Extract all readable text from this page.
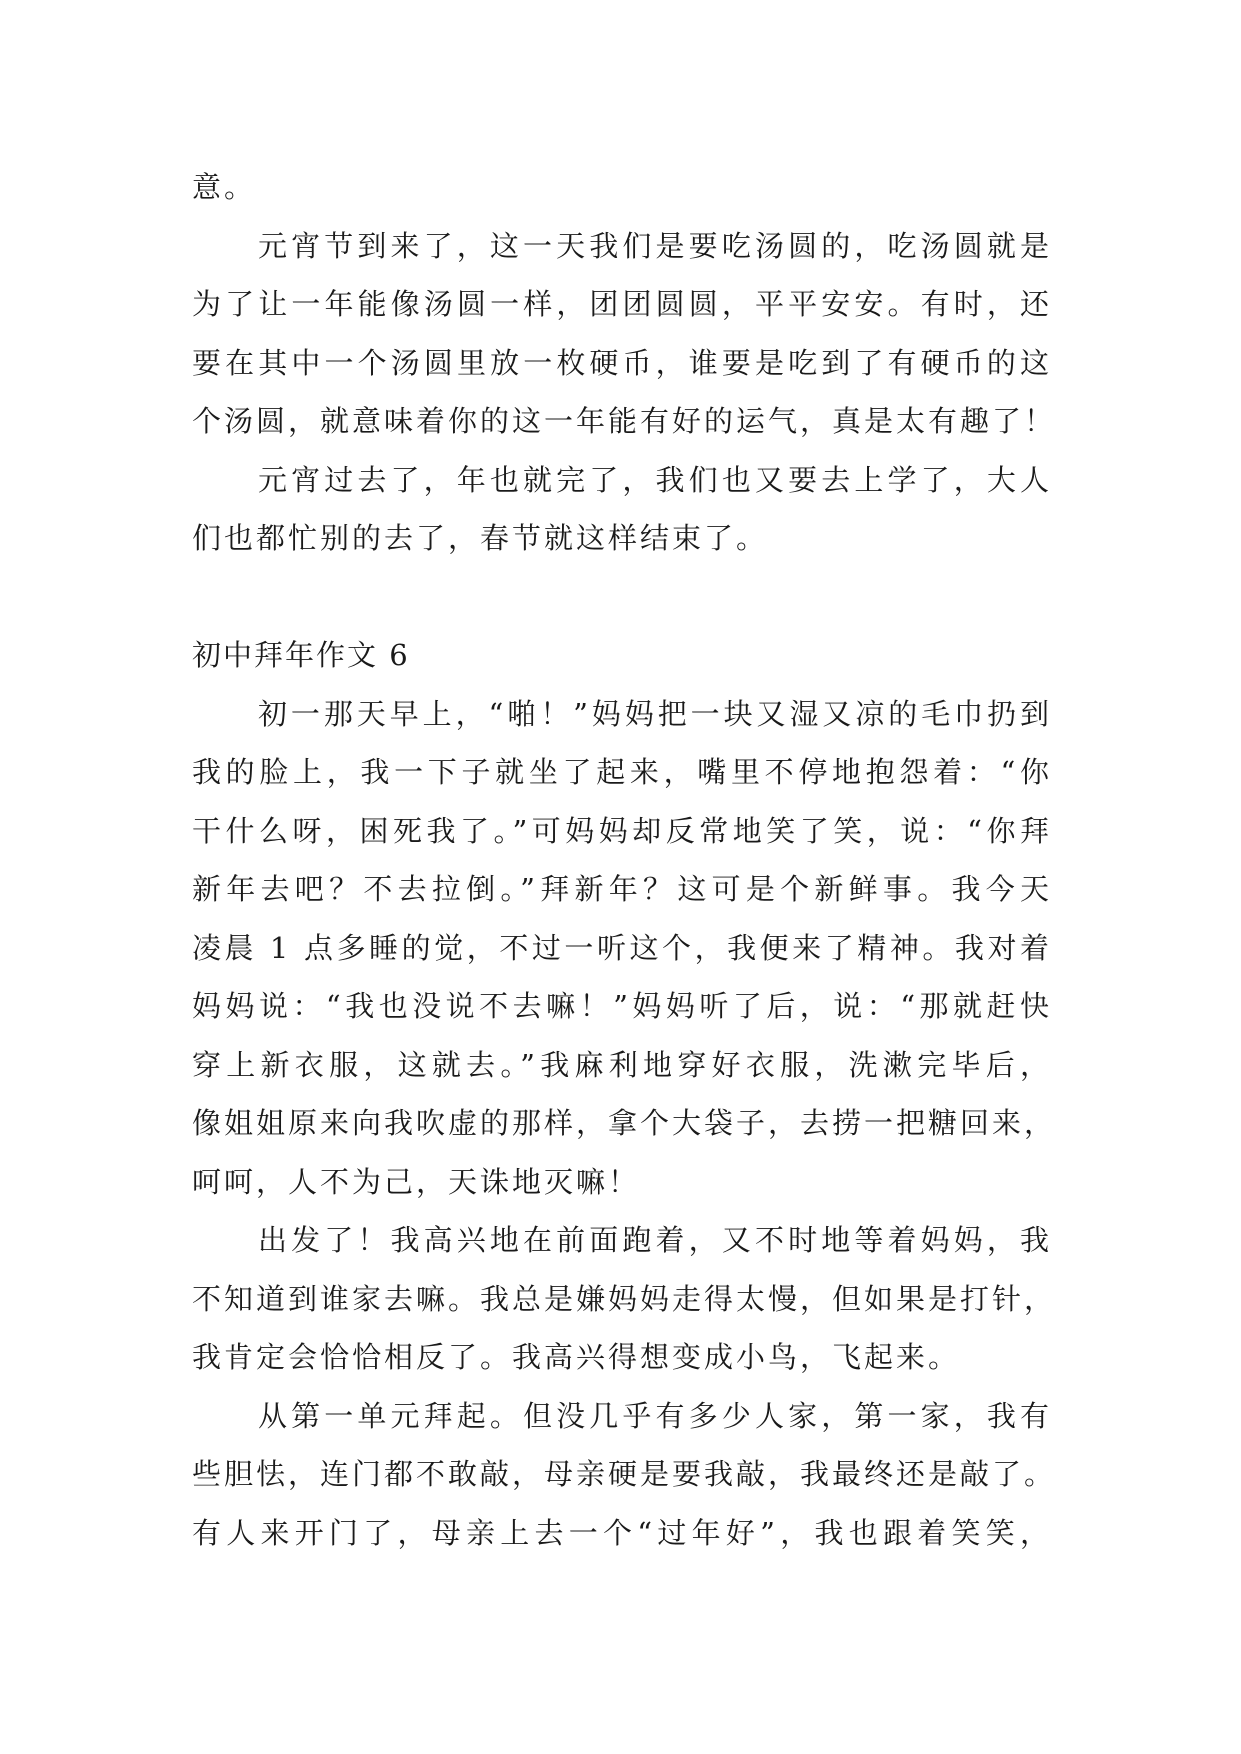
意。
元宵节到来了，这一天我们是要吃汤圆的，吃汤圆就是
为了让一年能像汤圆一样，团团圆圆，平平安安。有时，还
要在其中一个汤圆里放一枚硬币，谁要是吃到了有硬币的这
个汤圆，就意味着你的这一年能有好的运气，真是太有趣了！
元宵过去了，年也就完了，我们也又要去上学了，大人
们也都忙别的去了，春节就这样结束了。
初中拜年作文 6
初一那天早上，“啪！”妈妈把一块又湿又凉的毛巾扔到
我的脸上，我一下子就坐了起来，嘴里不停地抱怨着：“你
干什么呀，困死我了。”可妈妈却反常地笑了笑，说：“你拜
新年去吧？不去拉倒。”拜新年？这可是个新鲜事。我今天
凌晨 1 点多睡的觉，不过一听这个，我便来了精神。我对着
妈妈说：“我也没说不去嘛！”妈妈听了后，说：“那就赶快
穿上新衣服，这就去。”我麻利地穿好衣服，洗漱完毕后，
像姐姐原来向我吹虚的那样，拿个大袋子，去捞一把糖回来，
呵呵，人不为己，天诛地灭嘛！
出发了！我高兴地在前面跑着，又不时地等着妈妈，我
不知道到谁家去嘛。我总是嫌妈妈走得太慢，但如果是打针，
我肯定会恰恰相反了。我高兴得想变成小鸟，飞起来。
从第一单元拜起。但没几乎有多少人家，第一家，我有
些胆怯，连门都不敢敲，母亲硬是要我敲，我最终还是敲了。
有人来开门了，母亲上去一个“过年好”，我也跟着笑笑，
